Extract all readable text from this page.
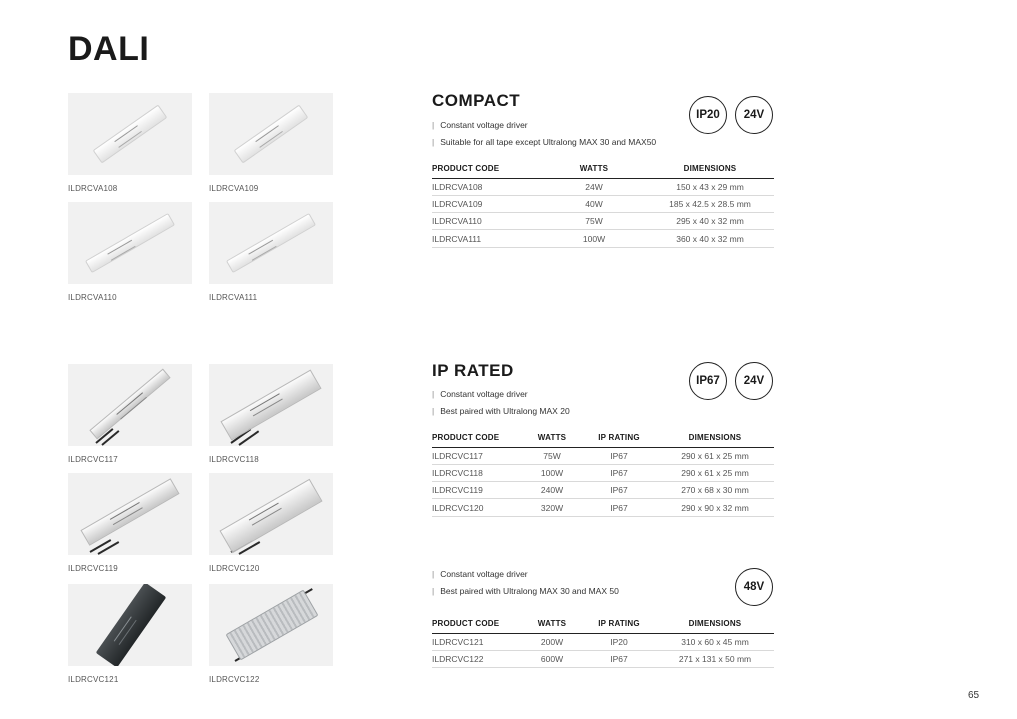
DALI
ILDRCVA108	ILDRCVA109
ILDRCVA110	ILDRCVA111
ILDRCVC117	ILDRCVC118
ILDRCVC119	ILDRCVC120
ILDRCVC121	ILDRCVC122
COMPACT
| Constant voltage driver
| Suitable for all tape except Ultralong MAX 30 and MAX50
IP20	24V
PRODUCT CODE	WATTS	DIMENSIONS
ILDRCVA108	24W	150 x 43 x 29 mm
ILDRCVA109	40W	185 x 42.5 x 28.5 mm
ILDRCVA110	75W	295 x 40 x 32 mm
ILDRCVA111	100W	360 x 40 x 32 mm
IP RATED
| Constant voltage driver
| Best paired with Ultralong MAX 20
IP67	24V
PRODUCT CODE	WATTS	IP RATING	DIMENSIONS
ILDRCVC117	75W	IP67	290 x 61 x 25 mm
ILDRCVC118	100W	IP67	290 x 61 x 25 mm
ILDRCVC119	240W	IP67	270 x 68 x 30 mm
ILDRCVC120	320W	IP67	290 x 90 x 32 mm
| Constant voltage driver
| Best paired with Ultralong MAX 30 and MAX 50	48V
PRODUCT CODE	WATTS	IP RATING	DIMENSIONS
ILDRCVC121	200W	IP20	310 x 60 x 45 mm
ILDRCVC122	600W	IP67	271 x 131 x 50 mm
65
